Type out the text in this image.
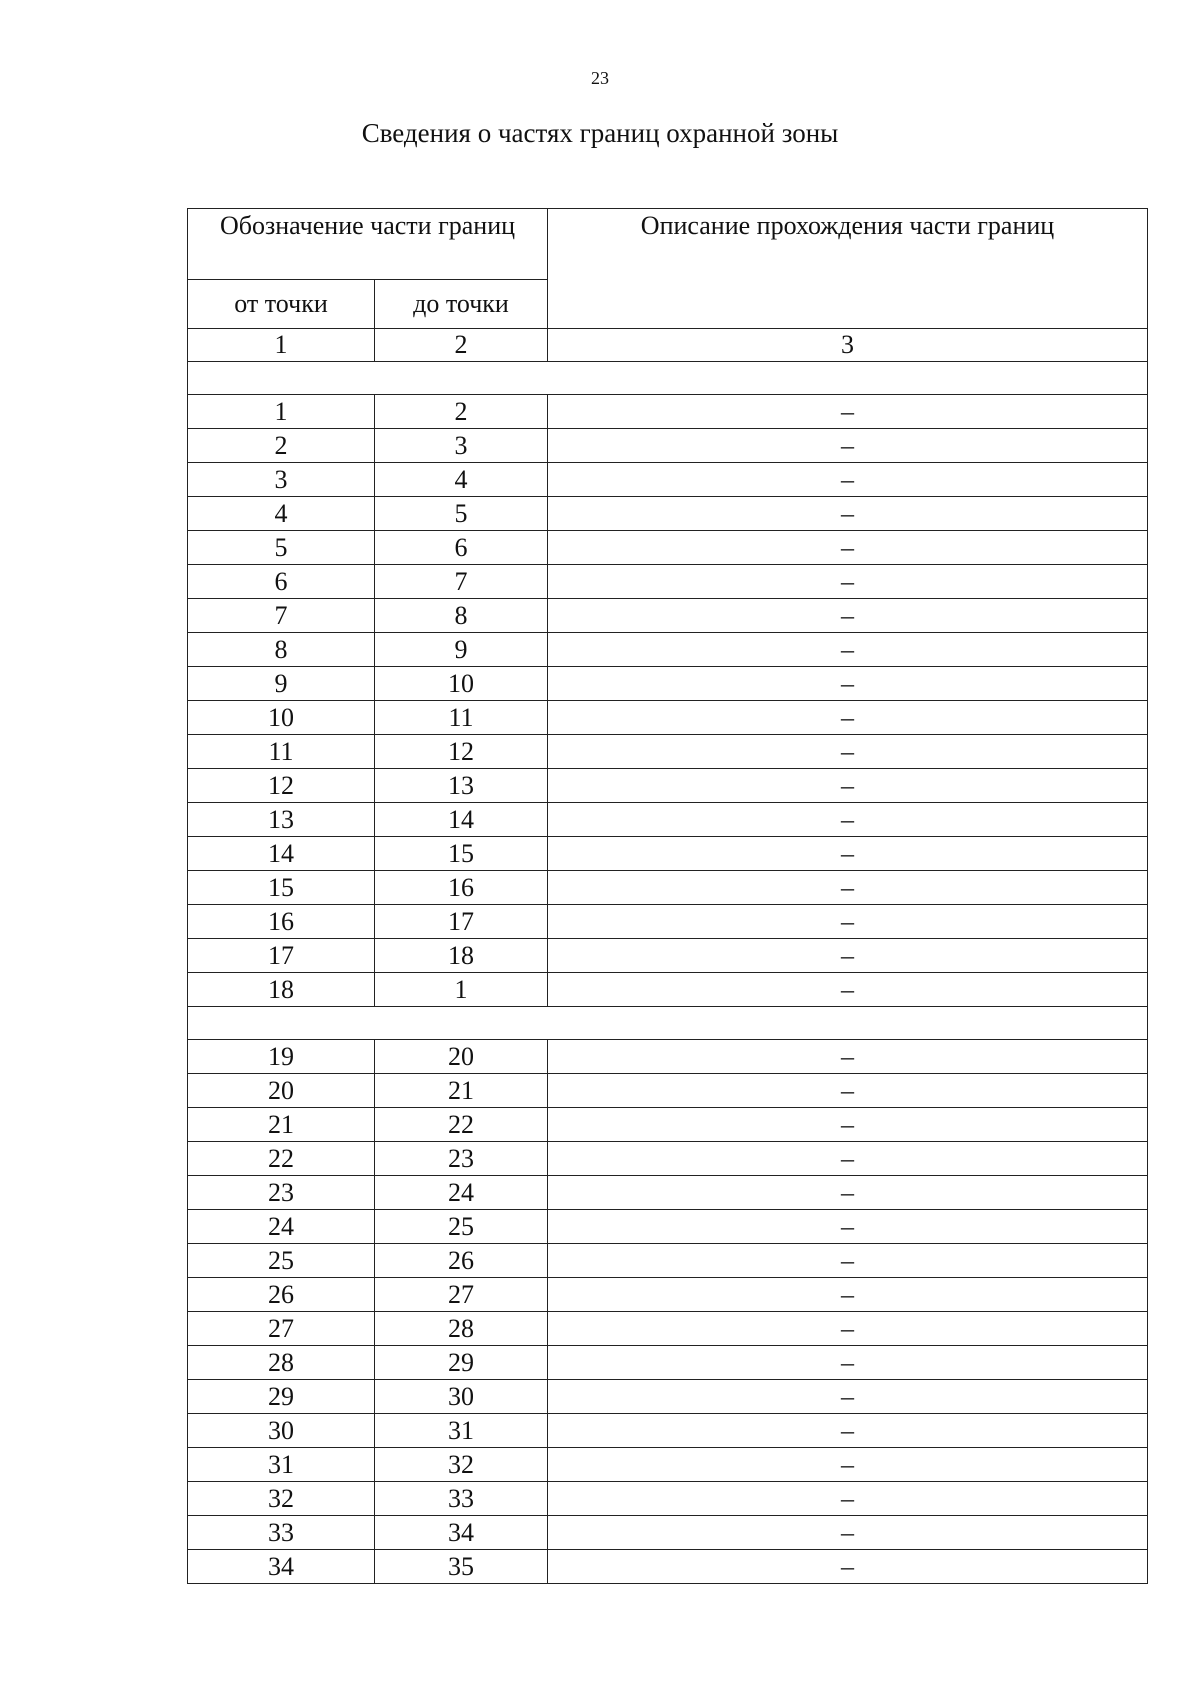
23
Сведения о частях границ охранной зоны
Обозначение части границ		Описание прохождения части границ

от точки	до точки	
1	2	3

1	2	–
2	3	–
3	4	–
4	5	–
5	6	–
6	7	–
7	8	–
8	9	–
9	10	–
10	11	–
11	12	–
12	13	–
13	14	–
14	15	–
15	16	–
16	17	–
17	18	–
18	1	–

19	20	–
20	21	–
21	22	–
22	23	–
23	24	–
24	25	–
25	26	–
26	27	–
27	28	–
28	29	–
29	30	–
30	31	–
31	32	–
32	33	–
33	34	–
34	35	–
